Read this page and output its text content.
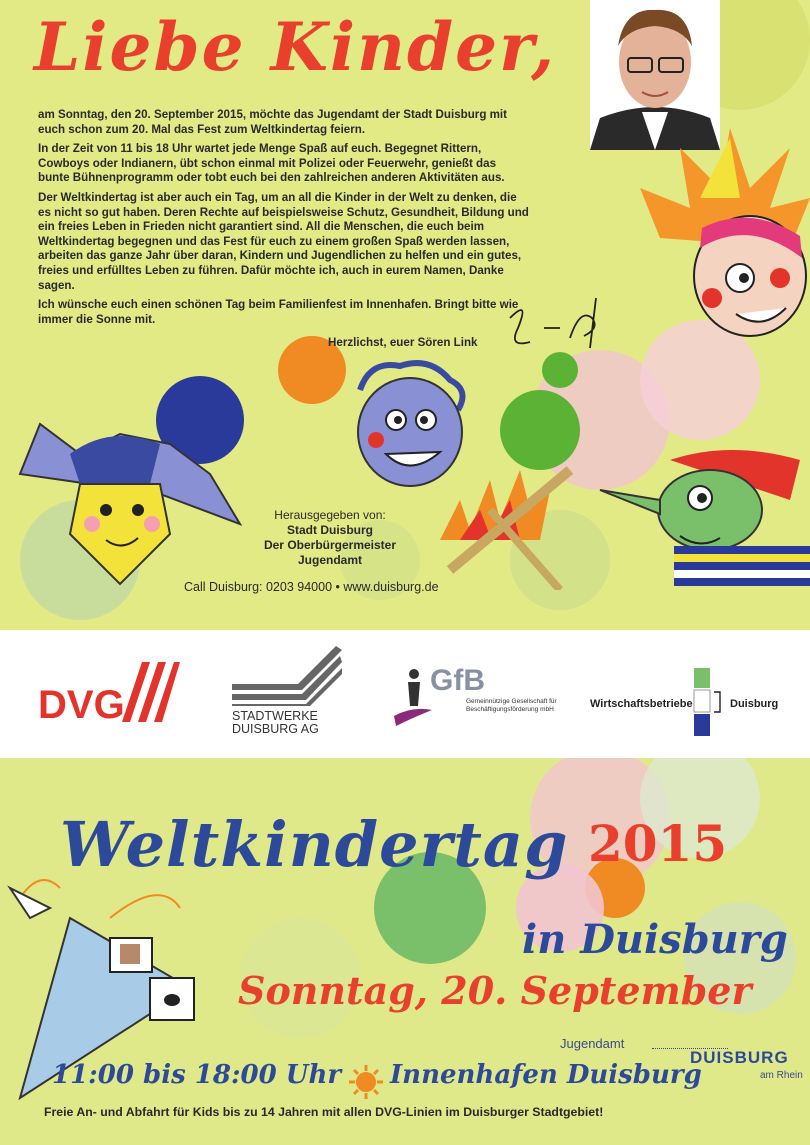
Liebe Kinder,

am Sonntag, den 20. September 2015, möchte das Jugendamt der Stadt Duisburg mit euch schon zum 20. Mal das Fest zum Weltkindertag feiern.

In der Zeit von 11 bis 18 Uhr wartet jede Menge Spaß auf euch. Begegnet Rittern, Cowboys oder Indianern, übt schon einmal mit Polizei oder Feuerwehr, genießt das bunte Bühnenprogramm oder tobt euch bei den zahlreichen anderen Aktivitäten aus.

Der Weltkindertag ist aber auch ein Tag, um an all die Kinder in der Welt zu denken, die es nicht so gut haben. Deren Rechte auf beispielsweise Schutz, Gesundheit, Bildung und ein freies Leben in Frieden nicht garantiert sind. All die Menschen, die euch beim Weltkindertag begegnen und das Fest für euch zu einem großen Spaß werden lassen, arbeiten das ganze Jahr über daran, Kindern und Jugendlichen zu helfen und ein gutes, freies und erfülltes Leben zu führen. Dafür möchte ich, auch in eurem Namen, Danke sagen.

Ich wünsche euch einen schönen Tag beim Familienfest im Innenhafen. Bringt bitte wie immer die Sonne mit.

Herzlichst, euer Sören Link
Herausgegeben von:
Stadt Duisburg
Der Oberbürgermeister
Jugendamt
Call Duisburg: 0203 94000 • www.duisburg.de
DVG	STADTWERKE
DUISBURG AG
GfB
Gemeinnützige Gesellschaft für
Beschäftigungsförderung mbH	Wirtschaftsbetriebe	Duisburg
Weltkindertag 2015
in Duisburg
Sonntag, 20. September
Jugendamt
DUISBURG
am Rhein
11:00 bis 18:00 Uhr Innenhafen Duisburg
Freie An- und Abfahrt für Kids bis zu 14 Jahren mit allen DVG-Linien im Duisburger Stadtgebiet!
